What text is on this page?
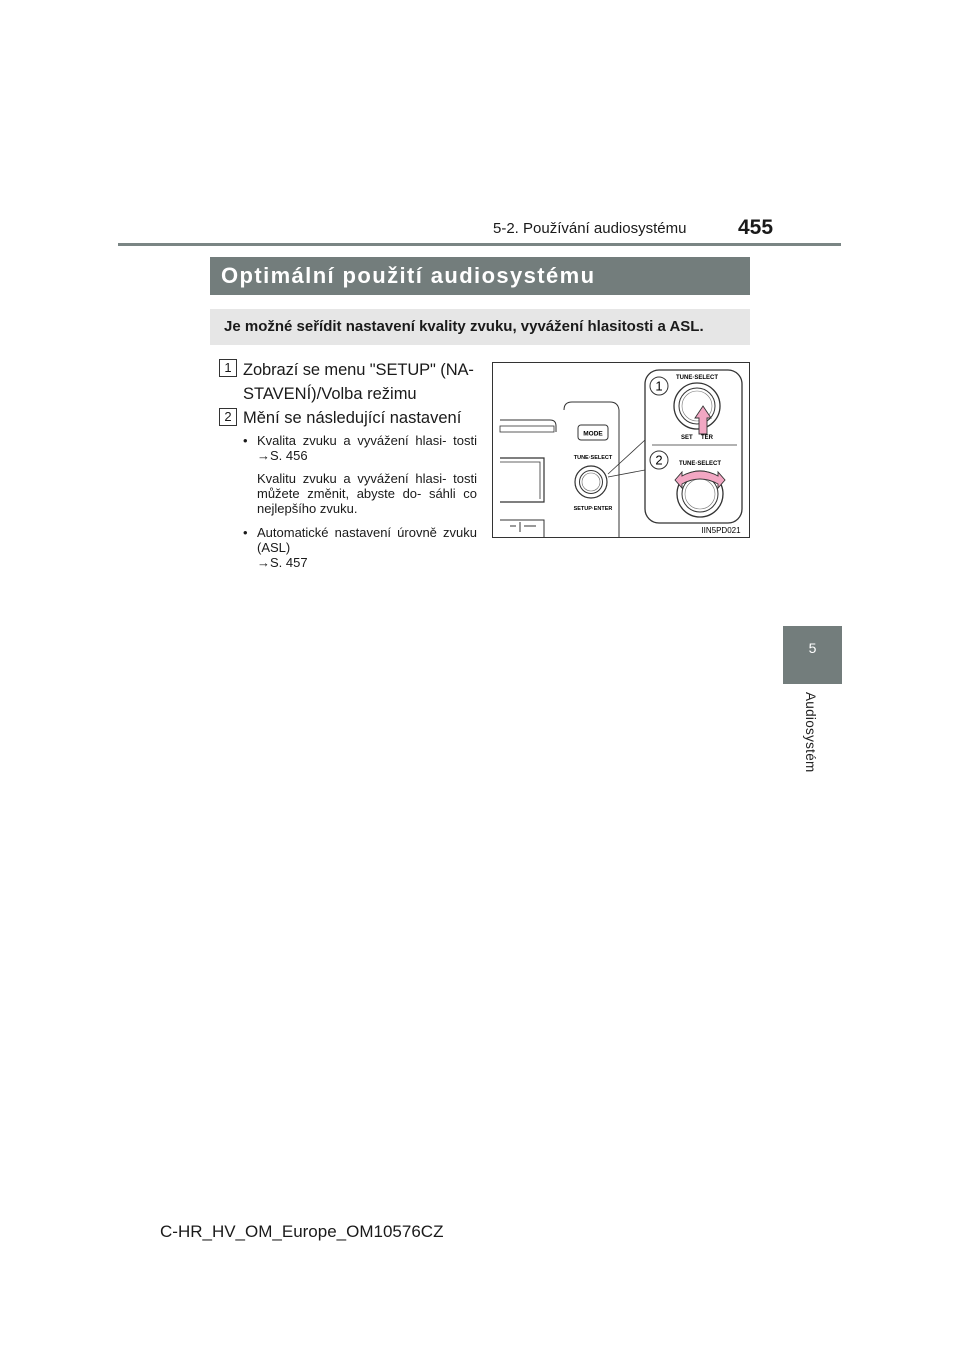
5-2. Používání audiosystému 455
Optimální použití audiosystému
Je možné seřídit nastavení kvality zvuku, vyvážení hlasitosti a ASL.
1 Zobrazí se menu "SETUP" (NA-
STAVENÍ)/Volba režimu
2 Mění se následující nastavení
• Kvalita zvuku a vyvážení hlasi- tosti →S. 456
Kvalitu zvuku a vyvážení hlasi- tosti můžete změnit, abyste do- sáhli co nejlepšího zvuku.
• Automatické nastavení úrovně zvuku (ASL)
→S. 457
MODE
TUNE·SELECT
SETUP·ENTER
TUNE·SELECT
SET     TER
TUNE·SELECT
1
2
IIN5PD021
5
Audiosystém
C-HR_HV_OM_Europe_OM10576CZ
